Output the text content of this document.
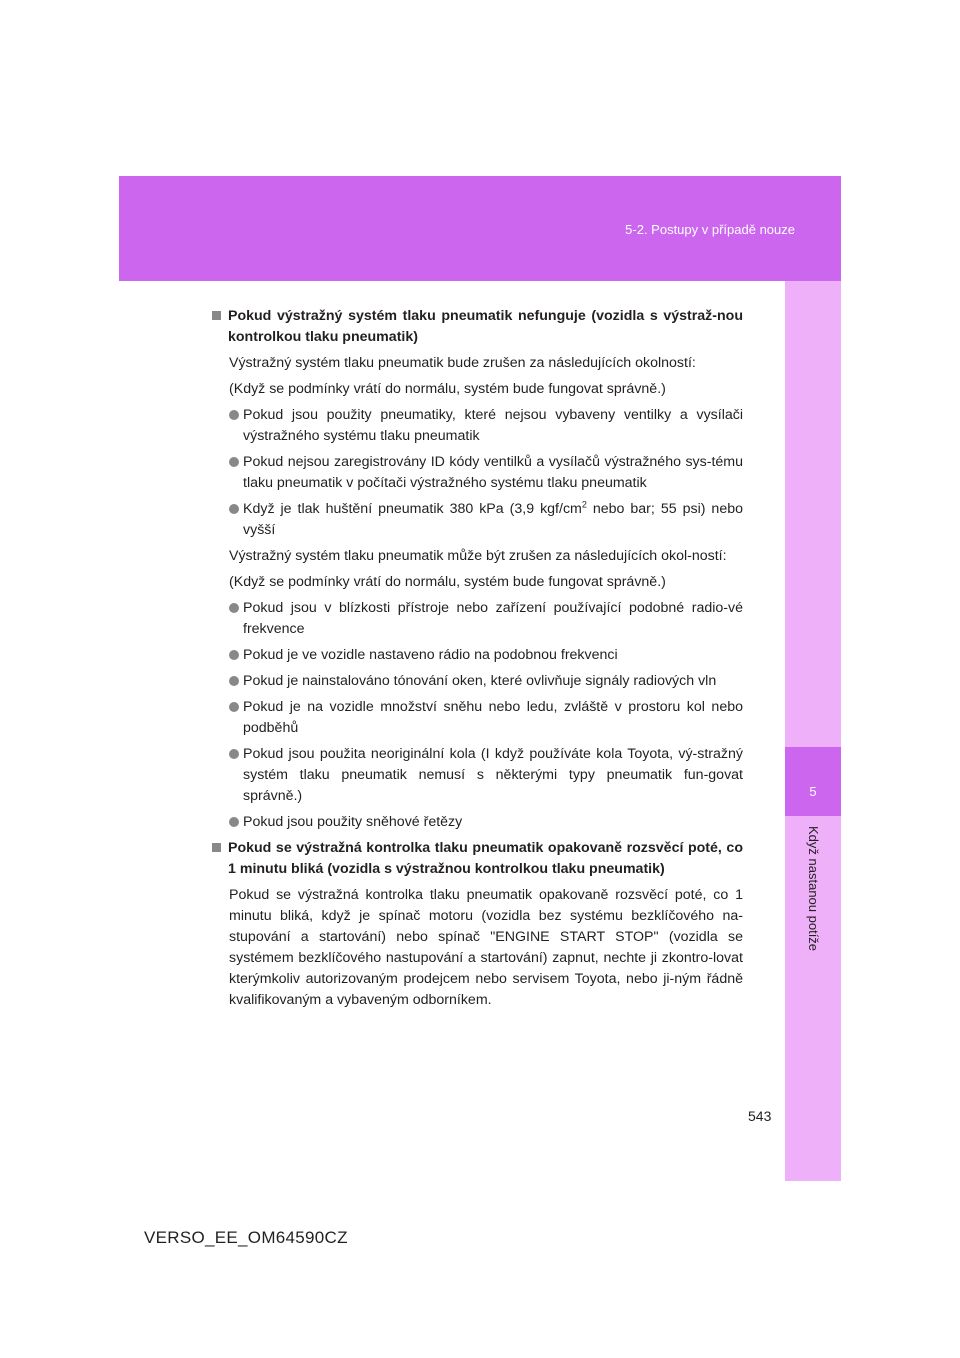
5-2. Postupy v případě nouze
5
Když nastanou potíže
Pokud výstražný systém tlaku pneumatik nefunguje (vozidla s výstraž-nou kontrolkou tlaku pneumatik)
Výstražný systém tlaku pneumatik bude zrušen za následujících okolností:
(Když se podmínky vrátí do normálu, systém bude fungovat správně.)
Pokud jsou použity pneumatiky, které nejsou vybaveny ventilky a vysílači výstražného systému tlaku pneumatik
Pokud nejsou zaregistrovány ID kódy ventilků a vysílačů výstražného sys-tému tlaku pneumatik v počítači výstražného systému tlaku pneumatik
Když je tlak huštění pneumatik 380 kPa (3,9 kgf/$cm^2$ nebo bar; 55 psi) nebo vyšší
Výstražný systém tlaku pneumatik může být zrušen za následujících okol-ností:
(Když se podmínky vrátí do normálu, systém bude fungovat správně.)
Pokud jsou v blízkosti přístroje nebo zařízení používající podobné radio-vé frekvence
Pokud je ve vozidle nastaveno rádio na podobnou frekvenci
Pokud je nainstalováno tónování oken, které ovlivňuje signály radiových vln
Pokud je na vozidle množství sněhu nebo ledu, zvláště v prostoru kol nebo podběhů
Pokud jsou použita neoriginální kola (I když používáte kola Toyota, vý-stražný systém tlaku pneumatik nemusí s některými typy pneumatik fun-govat správně.)
Pokud jsou použity sněhové řetězy
Pokud se výstražná kontrolka tlaku pneumatik opakovaně rozsvěcí poté, co 1 minutu bliká (vozidla s výstražnou kontrolkou tlaku pneumatik)
Pokud se výstražná kontrolka tlaku pneumatik opakovaně rozsvěcí poté, co 1 minutu bliká, když je spínač motoru (vozidla bez systému bezklíčového na-stupování a startování) nebo spínač "ENGINE START STOP" (vozidla se systémem bezklíčového nastupování a startování) zapnut, nechte ji zkontro-lovat kterýmkoliv autorizovaným prodejcem nebo servisem Toyota, nebo ji-ným řádně kvalifikovaným a vybaveným odborníkem.
543
VERSO_EE_OM64590CZ
